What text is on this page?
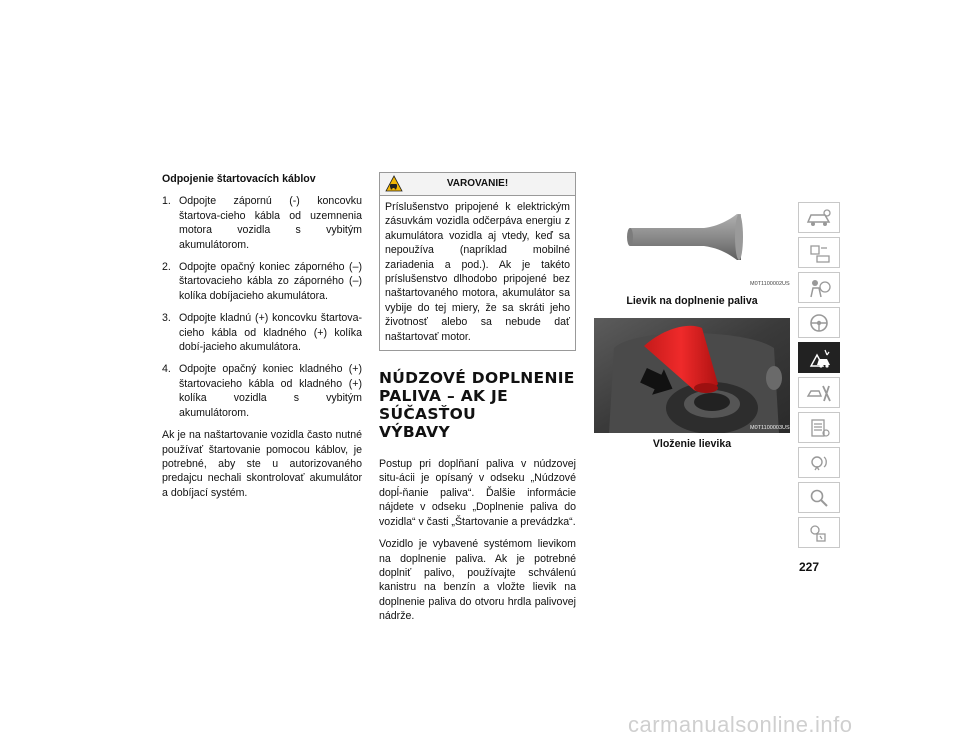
Odpojenie štartovacích káblov
1. Odpojte zápornú (-) koncovku štartova-cieho kábla od uzemnenia motora vozidla s vybitým akumulátorom.
2. Odpojte opačný koniec záporného (–) štartovacieho kábla zo záporného (–) kolíka dobíjacieho akumulátora.
3. Odpojte kladnú (+) koncovku štartova-cieho kábla od kladného (+) kolíka dobí-jacieho akumulátora.
4. Odpojte opačný koniec kladného (+) štartovacieho kábla od kladného (+) kolíka vozidla s vybitým akumulátorom.

Ak je na naštartovanie vozidla často nutné používať štartovanie pomocou káblov, je potrebné, aby ste u autorizovaného predajcu nechali skontrolovať akumulátor a dobíjací systém.

VAROVANIE!
Príslušenstvo pripojené k elektrickým zásuvkám vozidla odčerpáva energiu z akumulátora vozidla aj vtedy, keď sa nepoužíva (napríklad mobilné zariadenia a pod.). Ak je takéto príslušenstvo dlhodobo pripojené bez naštartovaného motora, akumulátor sa vybije do tej miery, že sa skráti jeho životnosť alebo sa nebude dať naštartovať motor.
NÚDZOVÉ DOPLNENIE
PALIVA – AK JE SÚČASŤOU
VÝBAVY

Postup pri doplňaní paliva v núdzovej situ-ácii je opísaný v odseku „Núdzové dopĺ-ňanie paliva“. Ďalšie informácie nájdete v odseku „Doplnenie paliva do vozidla“ v časti „Štartovanie a prevádzka“.

Vozidlo je vybavené systémom lievikom na doplnenie paliva. Ak je potrebné doplniť palivo, používajte schválenú kanistru na benzín a vložte lievik na doplnenie paliva do otvoru hrdla palivovej nádrže.

M0T1100002US
Lievik na doplnenie paliva
M0T1100003US
Vloženie lievika
227
carmanualsonline.info
